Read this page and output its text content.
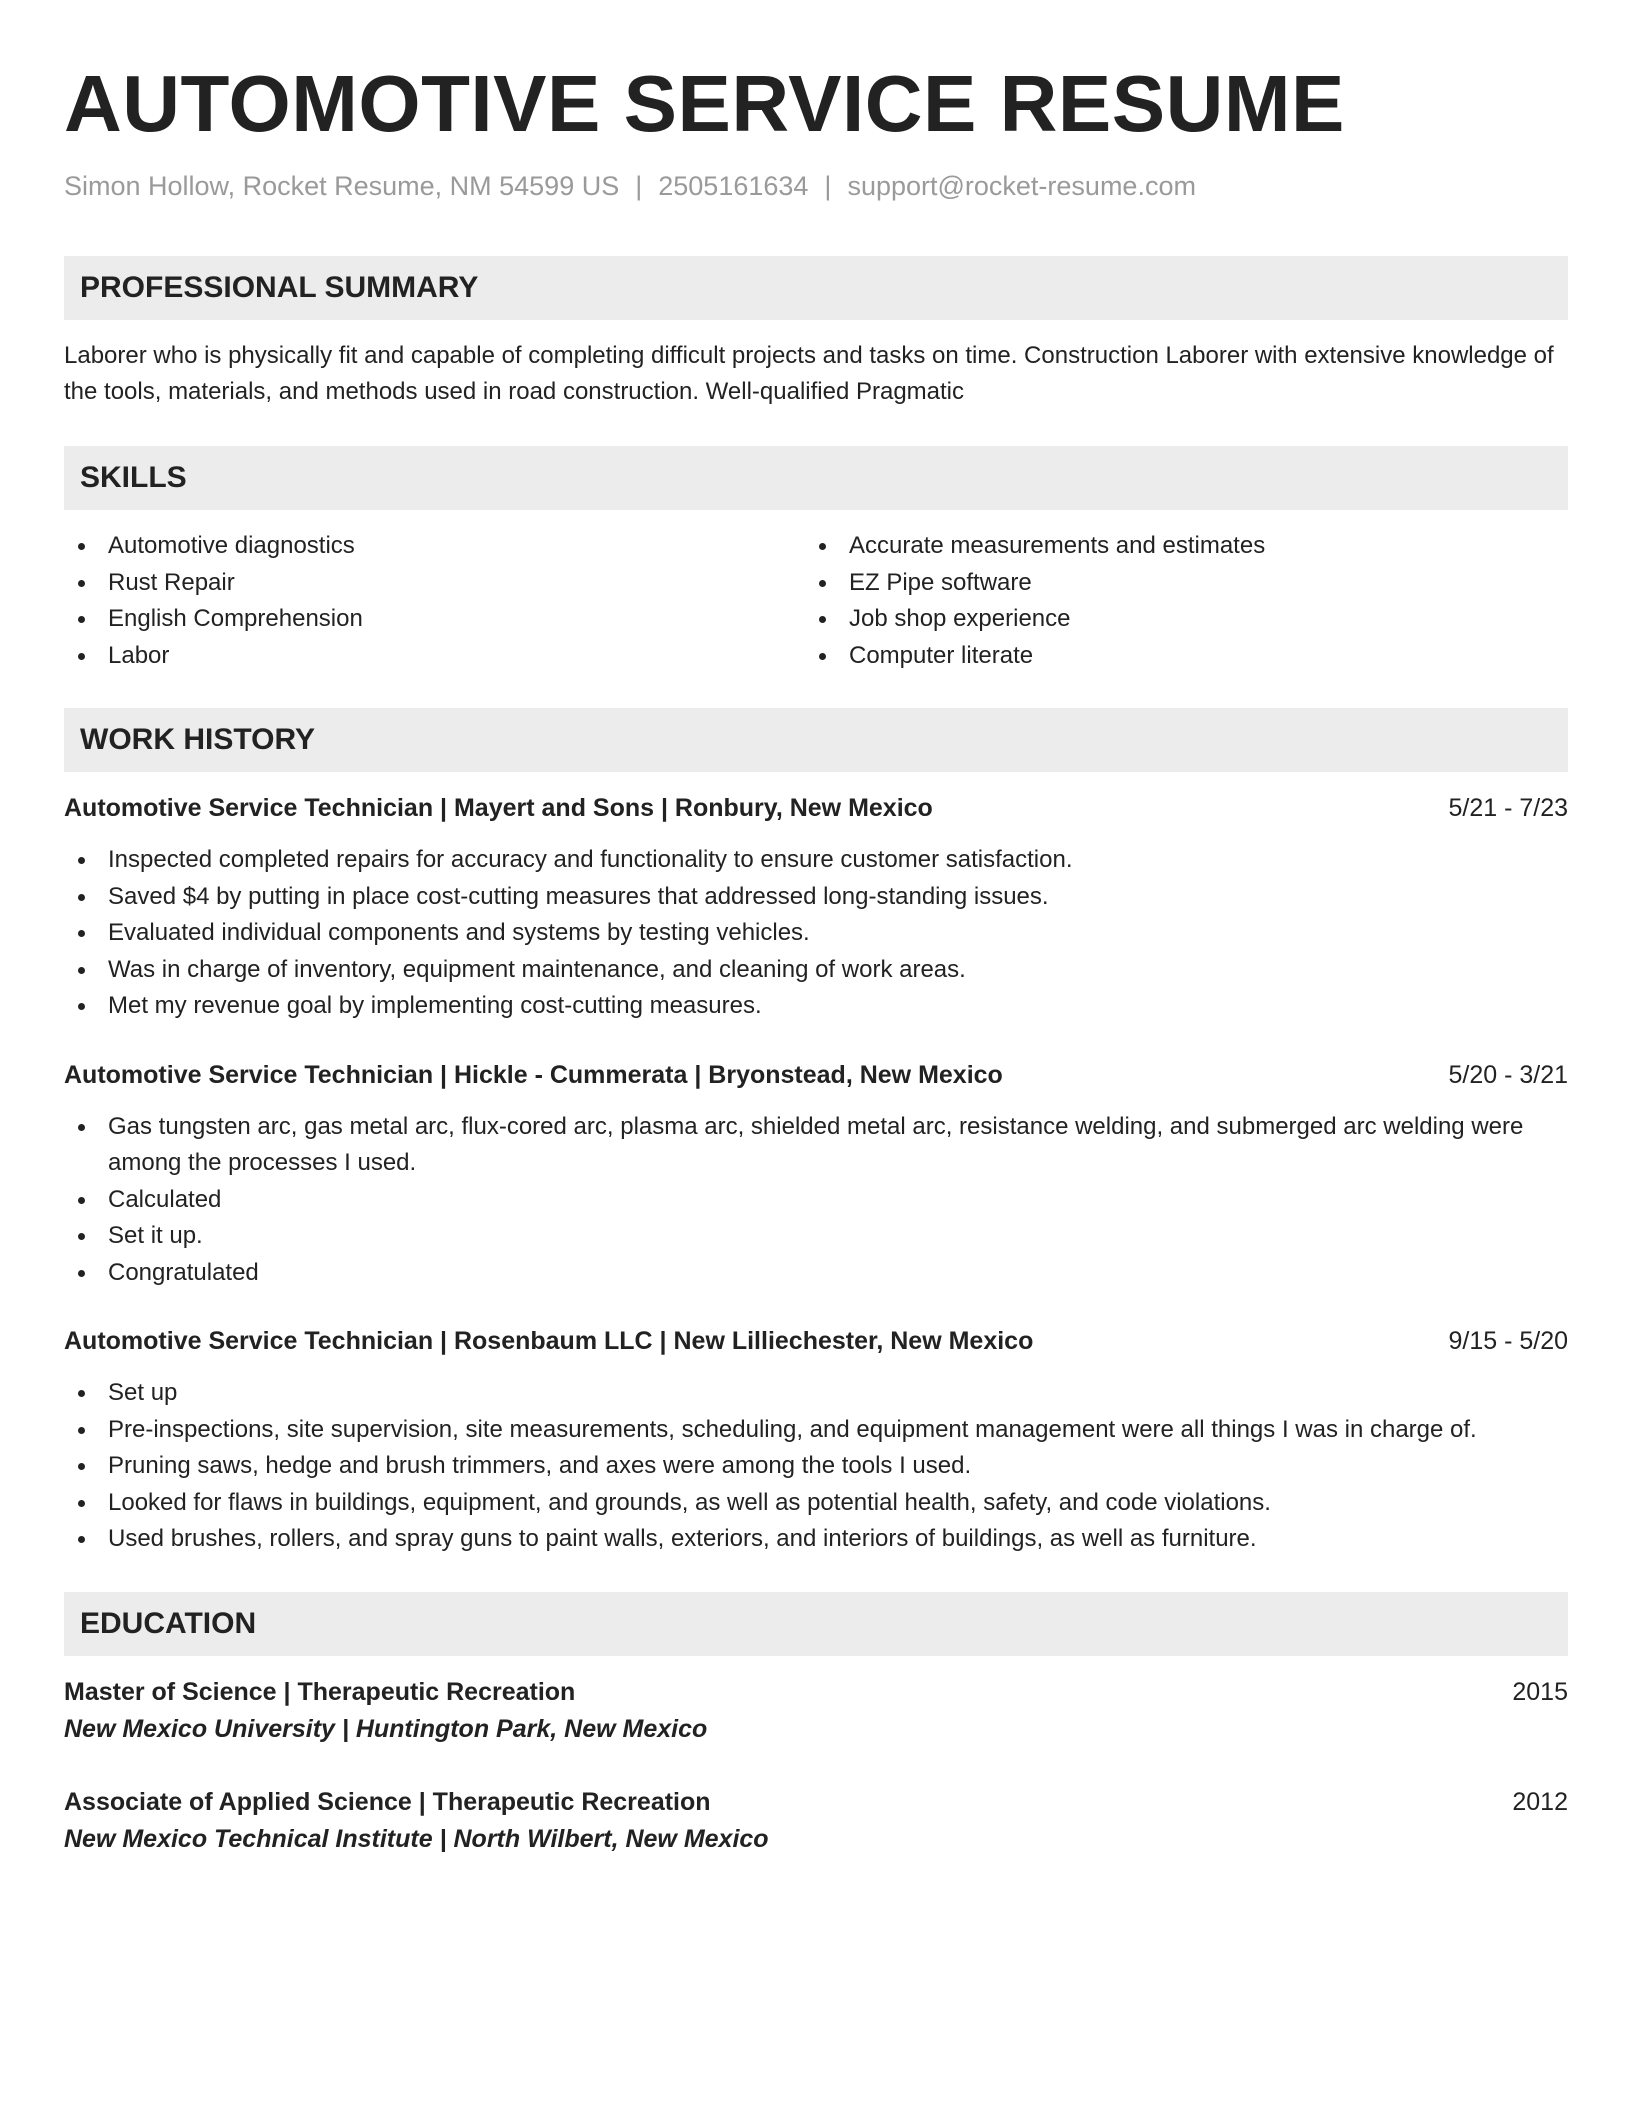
AUTOMOTIVE SERVICE RESUME
Simon Hollow, Rocket Resume, NM 54599 US | 2505161634 | support@rocket-resume.com
PROFESSIONAL SUMMARY
Laborer who is physically fit and capable of completing difficult projects and tasks on time. Construction Laborer with extensive knowledge of the tools, materials, and methods used in road construction. Well-qualified Pragmatic
SKILLS
Automotive diagnostics
Rust Repair
English Comprehension
Labor
Accurate measurements and estimates
EZ Pipe software
Job shop experience
Computer literate
WORK HISTORY
Automotive Service Technician | Mayert and Sons | Ronbury, New Mexico	5/21 - 7/23
Inspected completed repairs for accuracy and functionality to ensure customer satisfaction.
Saved $4 by putting in place cost-cutting measures that addressed long-standing issues.
Evaluated individual components and systems by testing vehicles.
Was in charge of inventory, equipment maintenance, and cleaning of work areas.
Met my revenue goal by implementing cost-cutting measures.
Automotive Service Technician | Hickle - Cummerata | Bryonstead, New Mexico	5/20 - 3/21
Gas tungsten arc, gas metal arc, flux-cored arc, plasma arc, shielded metal arc, resistance welding, and submerged arc welding were among the processes I used.
Calculated
Set it up.
Congratulated
Automotive Service Technician | Rosenbaum LLC | New Lilliechester, New Mexico	9/15 - 5/20
Set up
Pre-inspections, site supervision, site measurements, scheduling, and equipment management were all things I was in charge of.
Pruning saws, hedge and brush trimmers, and axes were among the tools I used.
Looked for flaws in buildings, equipment, and grounds, as well as potential health, safety, and code violations.
Used brushes, rollers, and spray guns to paint walls, exteriors, and interiors of buildings, as well as furniture.
EDUCATION
Master of Science | Therapeutic Recreation	2015
New Mexico University | Huntington Park, New Mexico
Associate of Applied Science | Therapeutic Recreation	2012
New Mexico Technical Institute | North Wilbert, New Mexico
